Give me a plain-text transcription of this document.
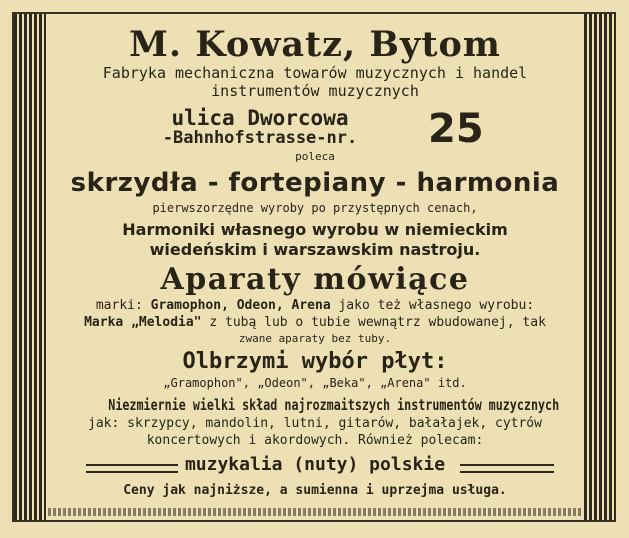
M. Kowatz, Bytom
Fabryka mechaniczna towarów muzycznych i handel
instrumentów muzycznych
ulica Dworcowa
-Bahnhofstrasse-nr.	25
poleca
skrzydła - fortepiany - harmonia
pierwszorzędne wyroby po przystępnych cenach,
Harmoniki własnego wyrobu w niemieckim
wiedeńskim i warszawskim nastroju.
Aparaty mówiące
marki: Gramophon, Odeon, Arena jako też własnego wyrobu:
Marka „Melodia" z tubą lub o tubie wewnątrz wbudowanej, tak
zwane aparaty bez tuby.
Olbrzymi wybór płyt:
„Gramophon", „Odeon", „Beka", „Arena" itd.
Niezmiernie wielki skład najrozmaitszych instrumentów muzycznych
jak: skrzypcy, mandolin, lutni, gitarów, bałałajek, cytrów
koncertowych i akordowych. Również polecam:
muzykalia (nuty) polskie
Ceny jak najniższe, a sumienna i uprzejma usługa.
